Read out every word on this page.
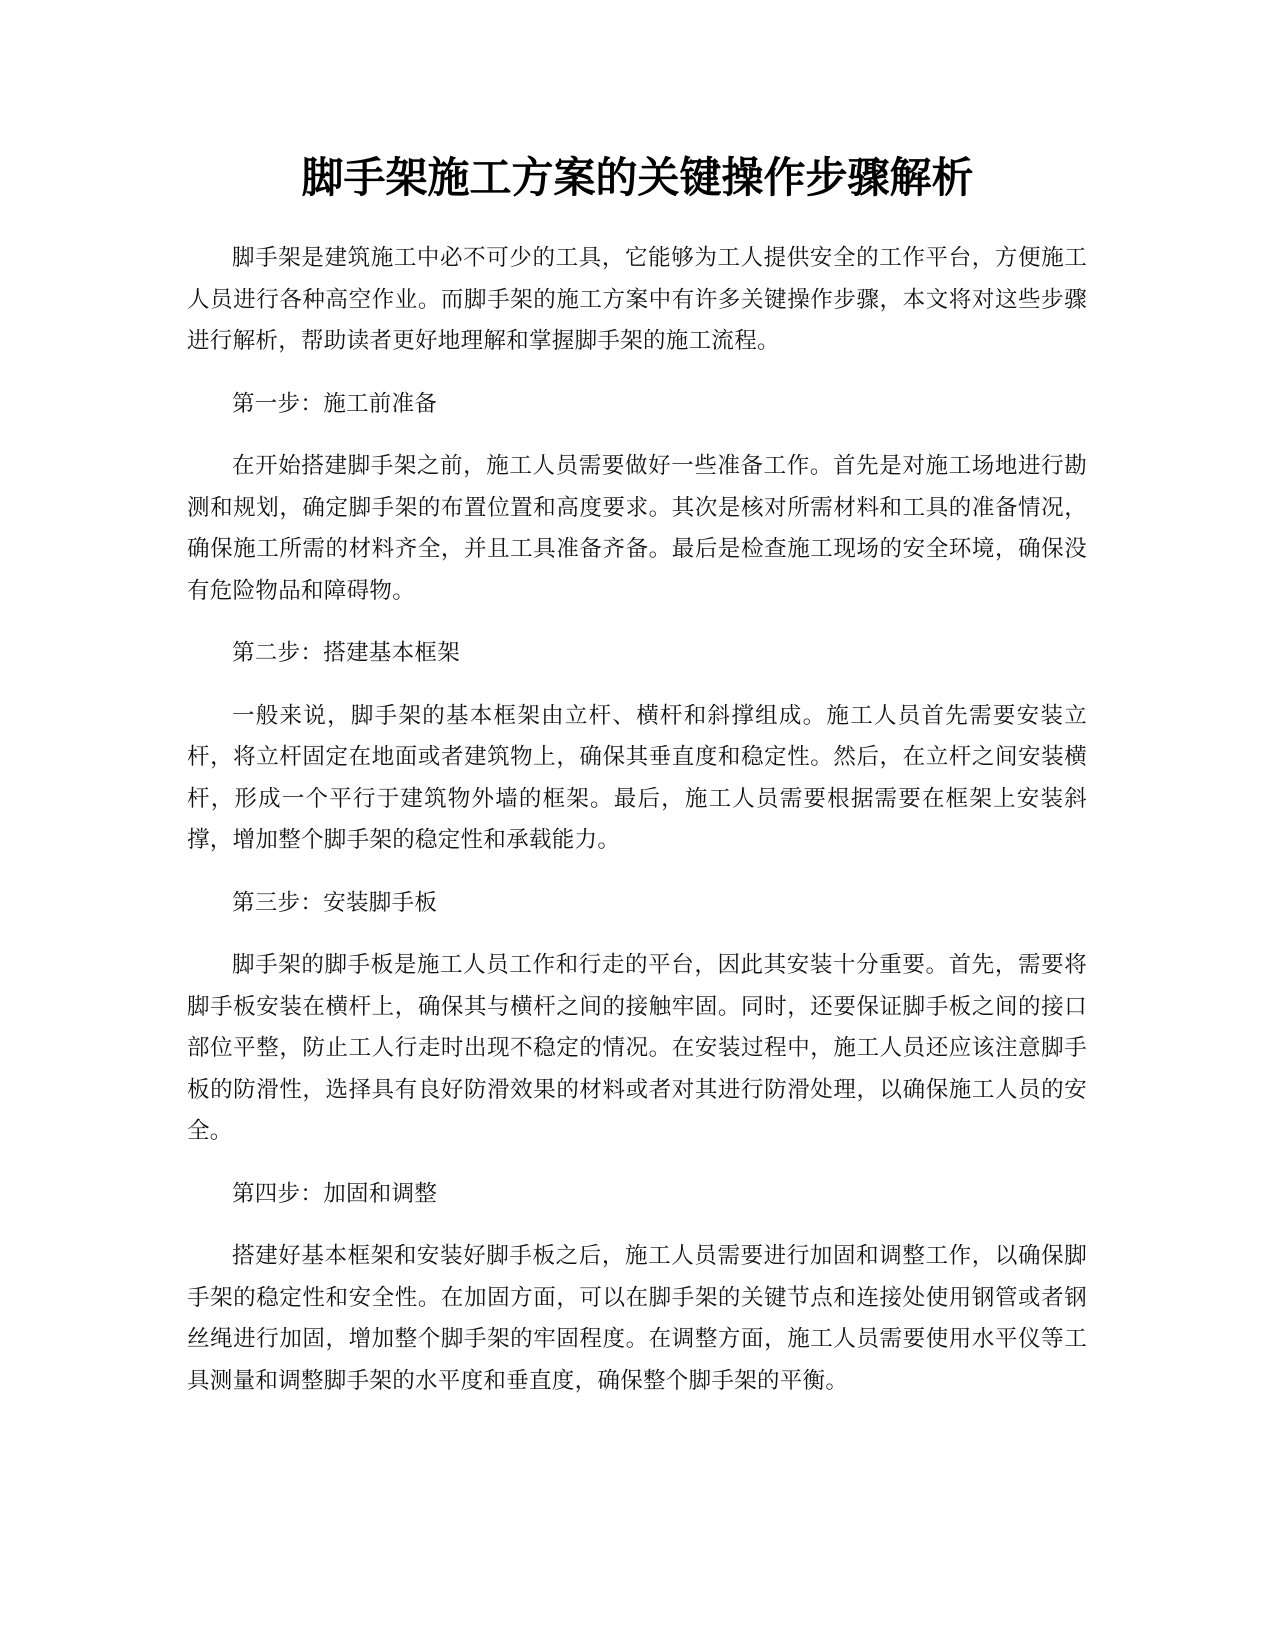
脚手架施工方案的关键操作步骤解析

脚手架是建筑施工中必不可少的工具，它能够为工人提供安全的工作平台，方便施工人员进行各种高空作业。而脚手架的施工方案中有许多关键操作步骤，本文将对这些步骤进行解析，帮助读者更好地理解和掌握脚手架的施工流程。

第一步：施工前准备

在开始搭建脚手架之前，施工人员需要做好一些准备工作。首先是对施工场地进行勘测和规划，确定脚手架的布置位置和高度要求。其次是核对所需材料和工具的准备情况，确保施工所需的材料齐全，并且工具准备齐备。最后是检查施工现场的安全环境，确保没有危险物品和障碍物。

第二步：搭建基本框架

一般来说，脚手架的基本框架由立杆、横杆和斜撑组成。施工人员首先需要安装立杆，将立杆固定在地面或者建筑物上，确保其垂直度和稳定性。然后，在立杆之间安装横杆，形成一个平行于建筑物外墙的框架。最后，施工人员需要根据需要在框架上安装斜撑，增加整个脚手架的稳定性和承载能力。

第三步：安装脚手板

脚手架的脚手板是施工人员工作和行走的平台，因此其安装十分重要。首先，需要将脚手板安装在横杆上，确保其与横杆之间的接触牢固。同时，还要保证脚手板之间的接口部位平整，防止工人行走时出现不稳定的情况。在安装过程中，施工人员还应该注意脚手板的防滑性，选择具有良好防滑效果的材料或者对其进行防滑处理，以确保施工人员的安全。

第四步：加固和调整

搭建好基本框架和安装好脚手板之后，施工人员需要进行加固和调整工作，以确保脚手架的稳定性和安全性。在加固方面，可以在脚手架的关键节点和连接处使用钢管或者钢丝绳进行加固，增加整个脚手架的牢固程度。在调整方面，施工人员需要使用水平仪等工具测量和调整脚手架的水平度和垂直度，确保整个脚手架的平衡。
